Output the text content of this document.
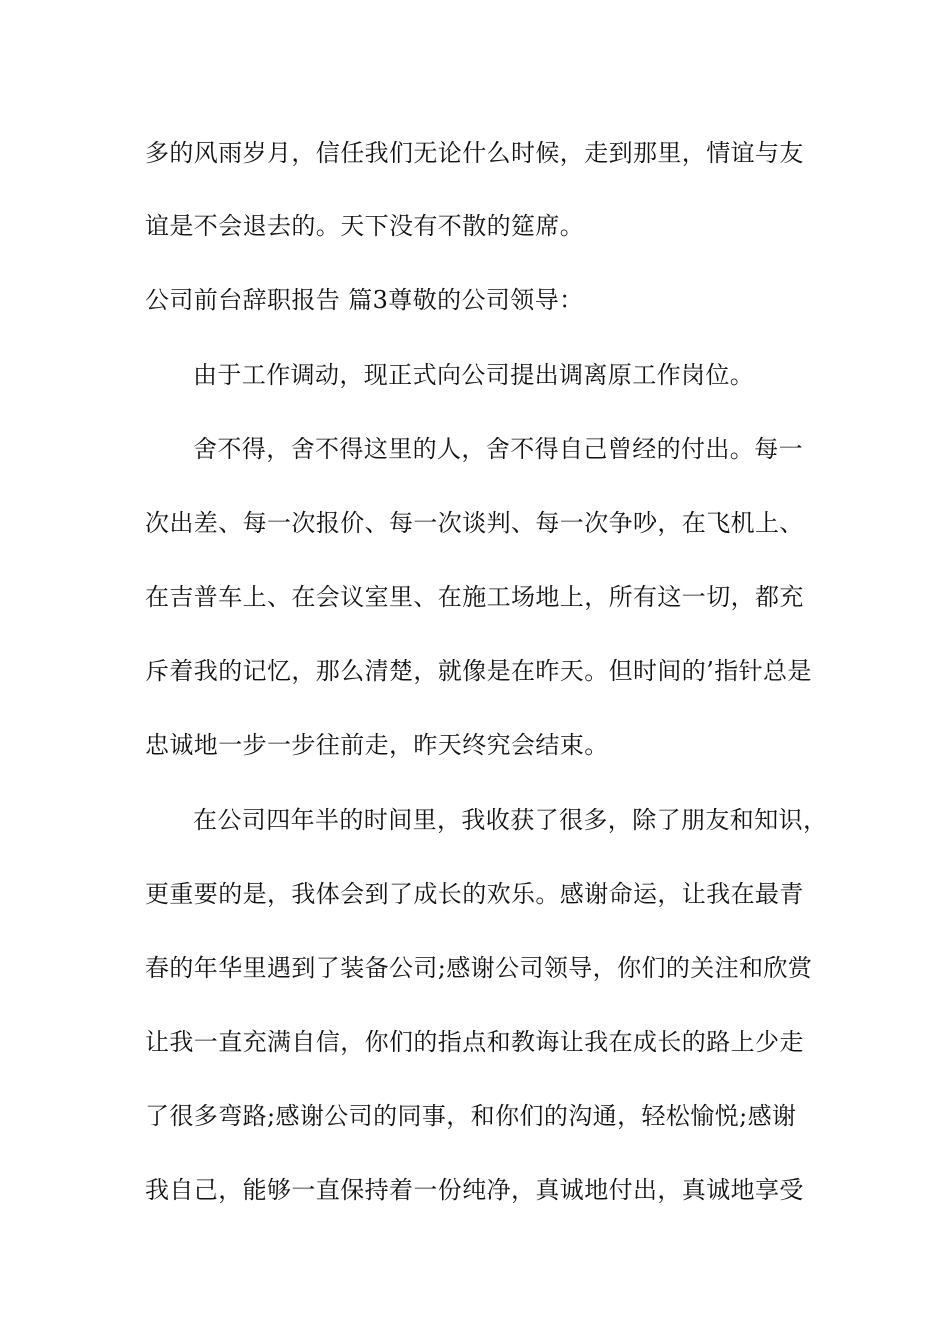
多的风雨岁月，信任我们无论什么时候，走到那里，情谊与友
谊是不会退去的。天下没有不散的筵席。
公司前台辞职报告 篇3尊敬的公司领导：
由于工作调动，现正式向公司提出调离原工作岗位。
舍不得，舍不得这里的人，舍不得自己曾经的付出。每一
次出差、每一次报价、每一次谈判、每一次争吵，在飞机上、
在吉普车上、在会议室里、在施工场地上，所有这一切，都充
斥着我的记忆，那么清楚，就像是在昨天。但时间的’指针总是
忠诚地一步一步往前走，昨天终究会结束。
在公司四年半的时间里，我收获了很多，除了朋友和知识，
更重要的是，我体会到了成长的欢乐。感谢命运，让我在最青
春的年华里遇到了装备公司;感谢公司领导，你们的关注和欣赏
让我一直充满自信，你们的指点和教诲让我在成长的路上少走
了很多弯路;感谢公司的同事，和你们的沟通，轻松愉悦;感谢
我自己，能够一直保持着一份纯净，真诚地付出，真诚地享受
